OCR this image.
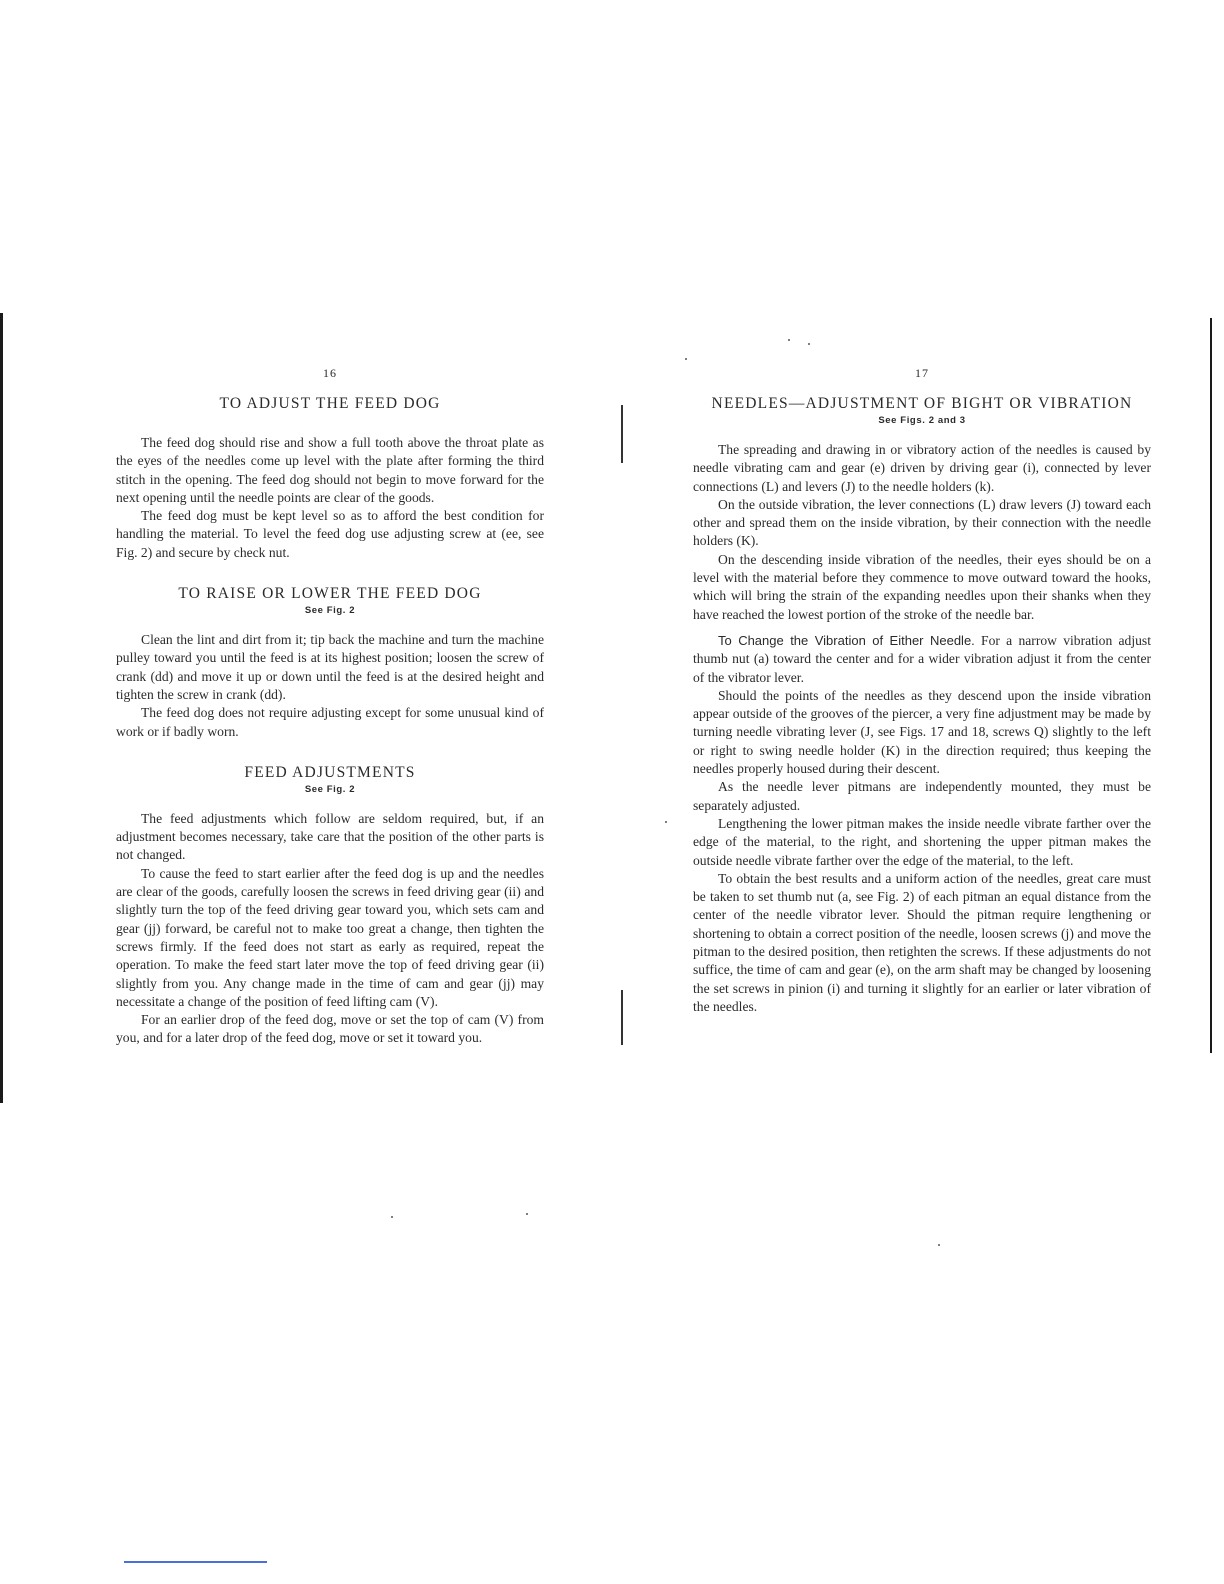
16
TO ADJUST THE FEED DOG

The feed dog should rise and show a full tooth above the throat plate as the eyes of the needles come up level with the plate after forming the third stitch in the opening. The feed dog should not begin to move forward for the next opening until the needle points are clear of the goods.

The feed dog must be kept level so as to afford the best condition for handling the material. To level the feed dog use adjusting screw at (ee, see Fig. 2) and secure by check nut.

TO RAISE OR LOWER THE FEED DOG
See Fig. 2

Clean the lint and dirt from it; tip back the machine and turn the machine pulley toward you until the feed is at its highest position; loosen the screw of crank (dd) and move it up or down until the feed is at the desired height and tighten the screw in crank (dd).

The feed dog does not require adjusting except for some unusual kind of work or if badly worn.

FEED ADJUSTMENTS
See Fig. 2

The feed adjustments which follow are seldom required, but, if an adjustment becomes necessary, take care that the position of the other parts is not changed.

To cause the feed to start earlier after the feed dog is up and the needles are clear of the goods, carefully loosen the screws in feed driving gear (ii) and slightly turn the top of the feed driving gear toward you, which sets cam and gear (jj) forward, be careful not to make too great a change, then tighten the screws firmly. If the feed does not start as early as required, repeat the operation. To make the feed start later move the top of feed driving gear (ii) slightly from you. Any change made in the time of cam and gear (jj) may necessitate a change of the position of feed lifting cam (V).

For an earlier drop of the feed dog, move or set the top of cam (V) from you, and for a later drop of the feed dog, move or set it toward you.

17
NEEDLES—ADJUSTMENT OF BIGHT OR VIBRATION
See Figs. 2 and 3

The spreading and drawing in or vibratory action of the needles is caused by needle vibrating cam and gear (e) driven by driving gear (i), connected by lever connections (L) and levers (J) to the needle holders (k).

On the outside vibration, the lever connections (L) draw levers (J) toward each other and spread them on the inside vibration, by their connection with the needle holders (K).

On the descending inside vibration of the needles, their eyes should be on a level with the material before they commence to move outward toward the hooks, which will bring the strain of the expanding needles upon their shanks when they have reached the lowest portion of the stroke of the needle bar.

To Change the Vibration of Either Needle. For a narrow vibration adjust thumb nut (a) toward the center and for a wider vibration adjust it from the center of the vibrator lever.

Should the points of the needles as they descend upon the inside vibration appear outside of the grooves of the piercer, a very fine adjustment may be made by turning needle vibrating lever (J, see Figs. 17 and 18, screws Q) slightly to the left or right to swing needle holder (K) in the direction required; thus keeping the needles properly housed during their descent.

As the needle lever pitmans are independently mounted, they must be separately adjusted.

Lengthening the lower pitman makes the inside needle vibrate farther over the edge of the material, to the right, and shortening the upper pitman makes the outside needle vibrate farther over the edge of the material, to the left.

To obtain the best results and a uniform action of the needles, great care must be taken to set thumb nut (a, see Fig. 2) of each pitman an equal distance from the center of the needle vibrator lever. Should the pitman require lengthening or shortening to obtain a correct position of the needle, loosen screws (j) and move the pitman to the desired position, then retighten the screws. If these adjustments do not suffice, the time of cam and gear (e), on the arm shaft may be changed by loosening the set screws in pinion (i) and turning it slightly for an earlier or later vibration of the needles.
